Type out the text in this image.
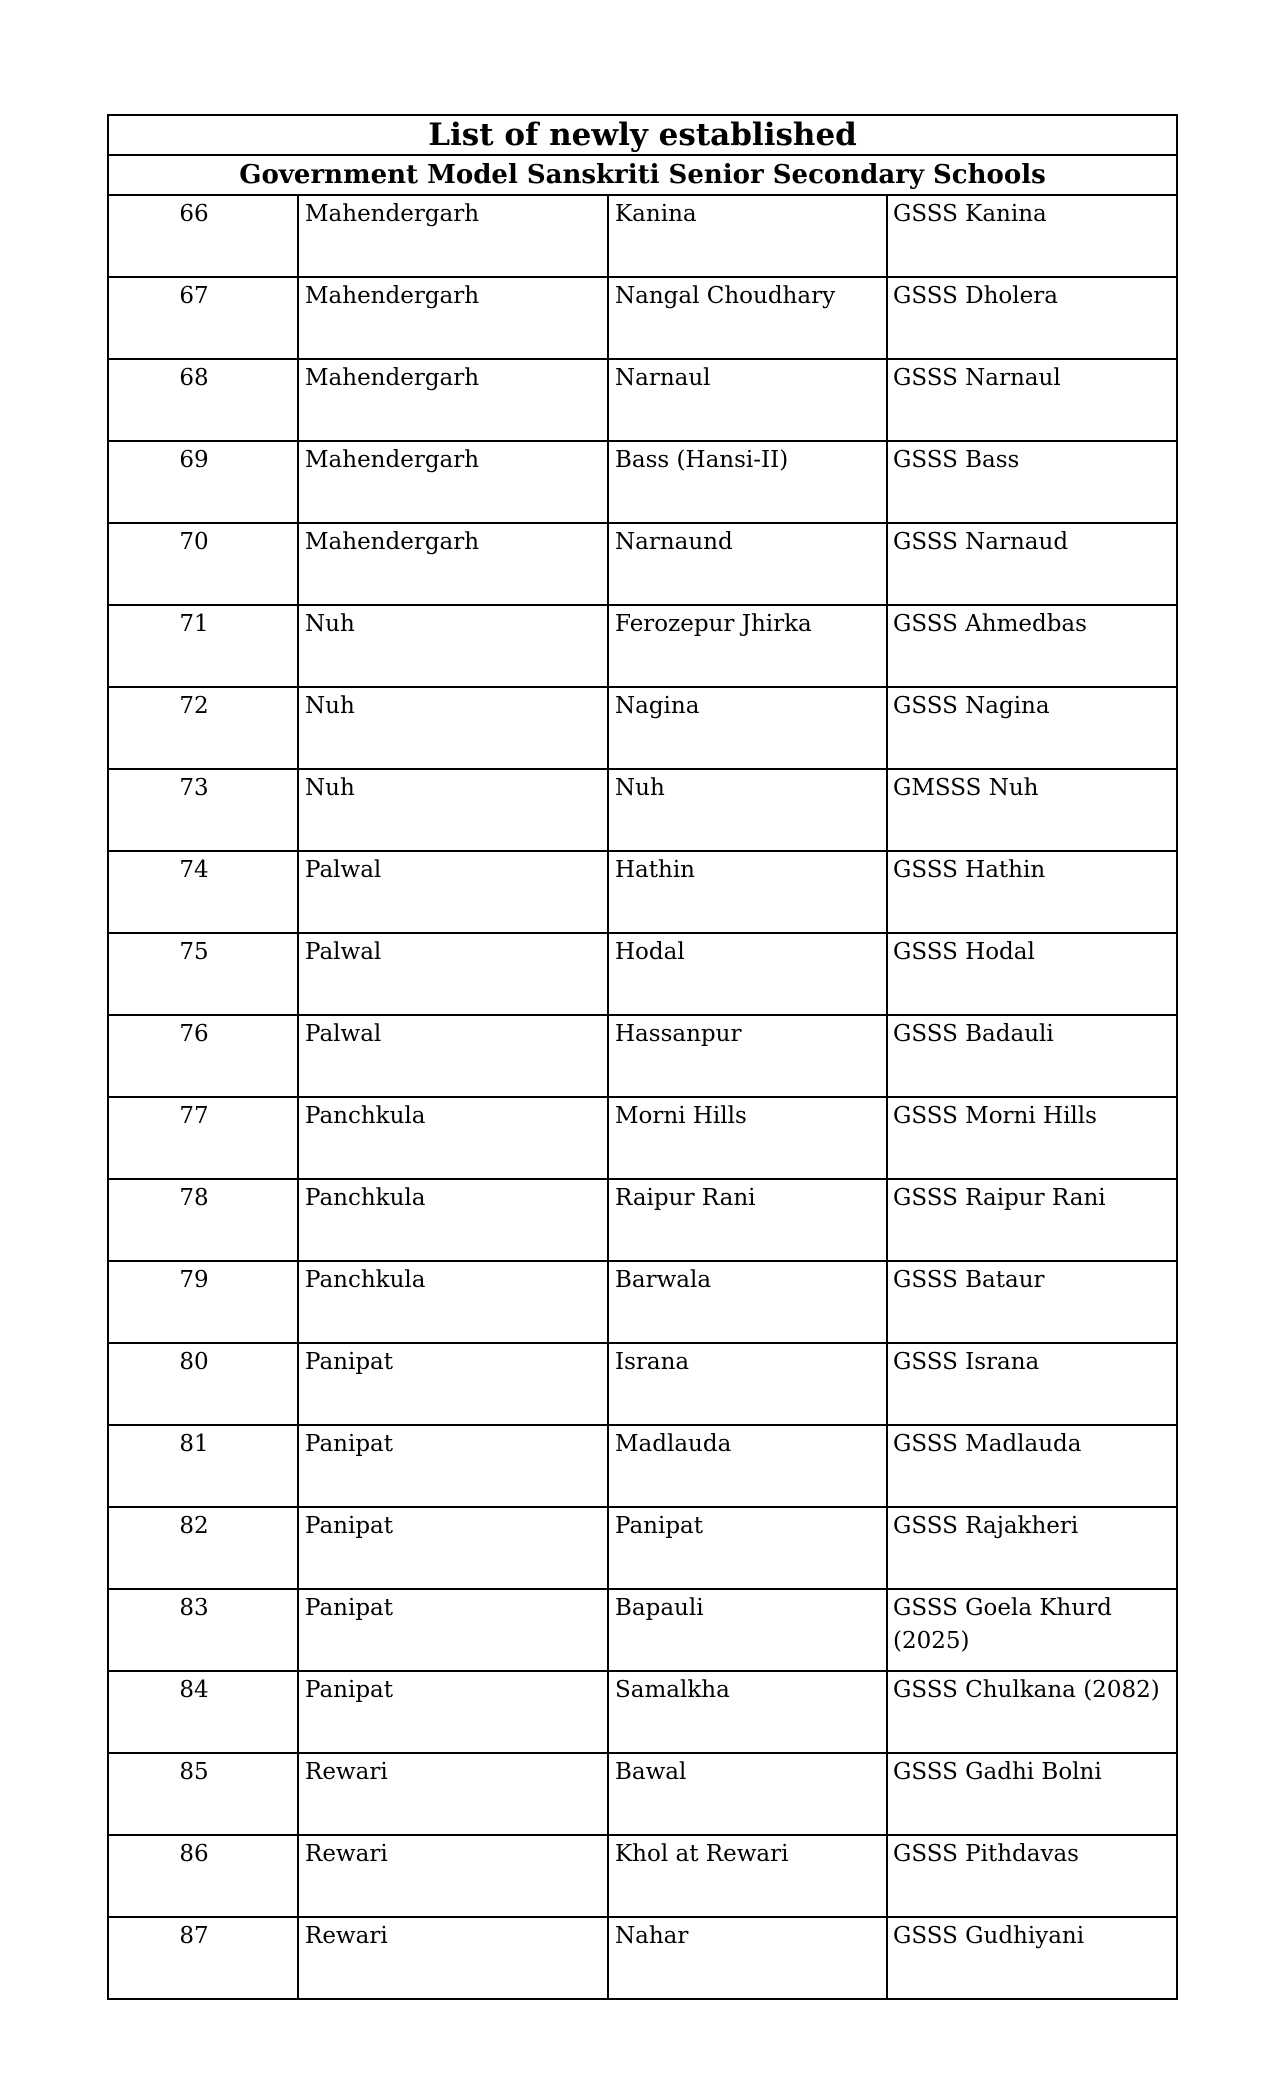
List of newly established			
Government Model Sanskriti Senior Secondary Schools			
66	Mahendergarh	Kanina	GSSS Kanina
67	Mahendergarh	Nangal Choudhary	GSSS Dholera
68	Mahendergarh	Narnaul	GSSS Narnaul
69	Mahendergarh	Bass (Hansi-II)	GSSS Bass
70	Mahendergarh	Narnaund	GSSS Narnaud
71	Nuh	Ferozepur Jhirka	GSSS Ahmedbas
72	Nuh	Nagina	GSSS Nagina
73	Nuh	Nuh	GMSSS Nuh
74	Palwal	Hathin	GSSS Hathin
75	Palwal	Hodal	GSSS Hodal
76	Palwal	Hassanpur	GSSS Badauli
77	Panchkula	Morni Hills	GSSS Morni Hills
78	Panchkula	Raipur Rani	GSSS Raipur Rani
79	Panchkula	Barwala	GSSS Bataur
80	Panipat	Israna	GSSS Israna
81	Panipat	Madlauda	GSSS Madlauda
82	Panipat	Panipat	GSSS Rajakheri
83	Panipat	Bapauli	GSSS Goela Khurd (2025)
84	Panipat	Samalkha	GSSS Chulkana (2082)
85	Rewari	Bawal	GSSS Gadhi Bolni
86	Rewari	Khol at Rewari	GSSS Pithdavas
87	Rewari	Nahar	GSSS Gudhiyani
